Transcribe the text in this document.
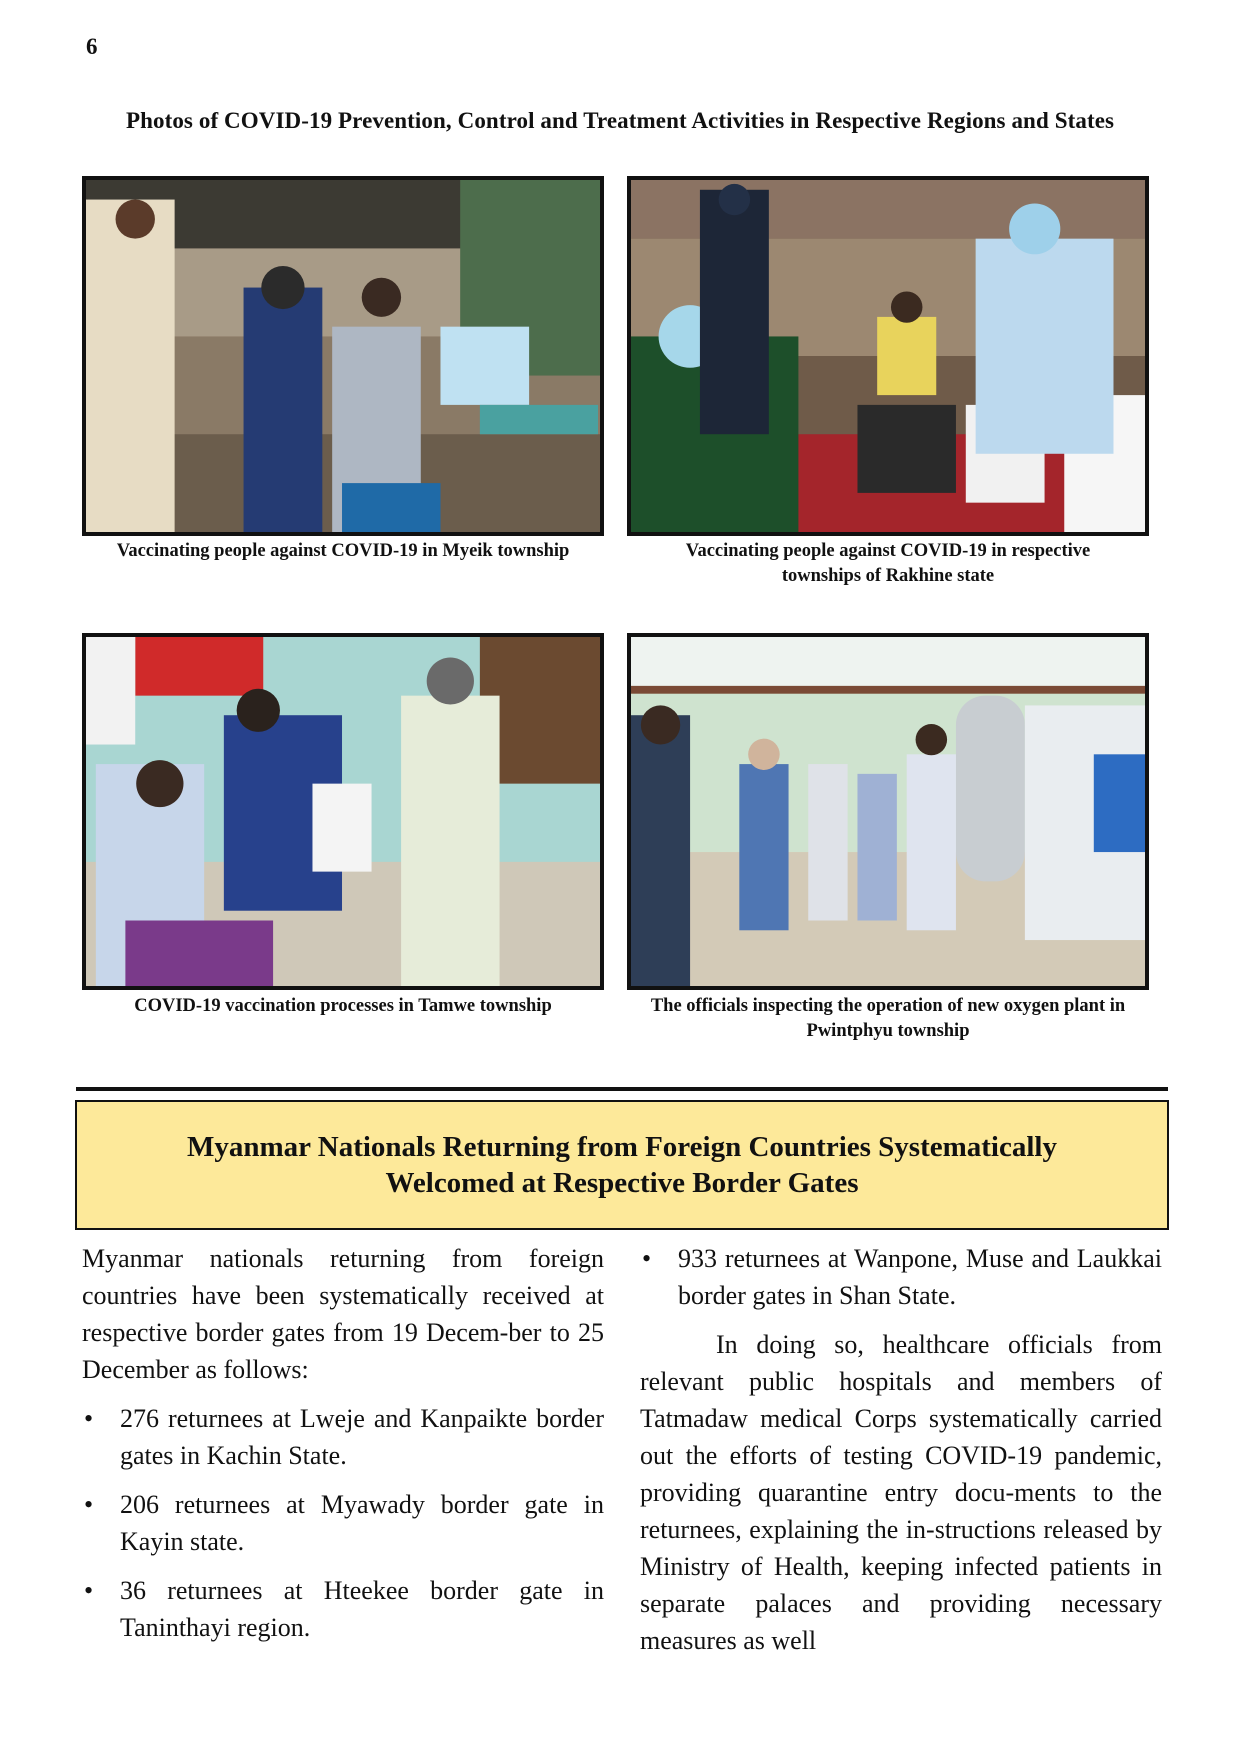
6
Photos of COVID-19 Prevention, Control and Treatment Activities in Respective Regions and States
Vaccinating people against COVID-19 in Myeik township	Vaccinating people against COVID-19 in respective townships of Rakhine state
COVID-19 vaccination processes in Tamwe township	The officials inspecting the operation of new oxygen plant in Pwintphyu township
Myanmar Nationals Returning from Foreign Countries Systematically
Welcomed at Respective Border Gates

Myanmar nationals returning from foreign countries have been systematically received at respective border gates from 19 Decem-ber to 25 December as follows:

• 276 returnees at Lweje and Kanpaikte border gates in Kachin State.
• 206 returnees at Myawady border gate in Kayin state.
• 36 returnees at Hteekee border gate in Taninthayi region.
• 933 returnees at Wanpone, Muse and Laukkai border gates in Shan State.

In doing so, healthcare officials from relevant public hospitals and members of Tatmadaw medical Corps systematically carried out the efforts of testing COVID-19 pandemic, providing quarantine entry docu-ments to the returnees, explaining the in-structions released by Ministry of Health, keeping infected patients in separate palaces and providing necessary measures as well
